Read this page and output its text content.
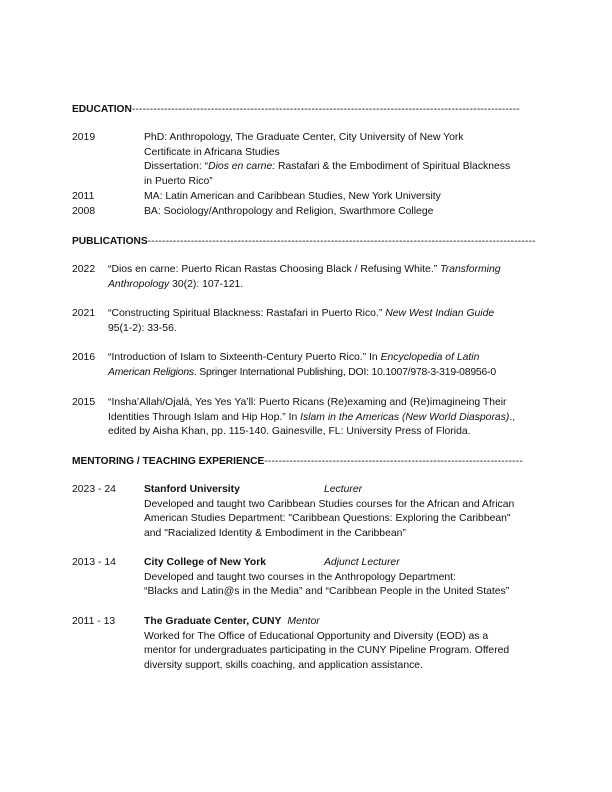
EDUCATION------------------------------------------------------------------------------------------------------------
2019	PhD: Anthropology, The Graduate Center, City University of New York
Certificate in Africana Studies
Dissertation: “Dios en carne: Rastafari & the Embodiment of Spiritual Blackness
in Puerto Rico”
2011	MA: Latin American and Caribbean Studies, New York University
2008	BA: Sociology/Anthropology and Religion, Swarthmore College
PUBLICATIONS------------------------------------------------------------------------------------------------------------
2022 “Dios en carne: Puerto Rican Rastas Choosing Black / Refusing White.” Transforming
Anthropology 30(2): 107-121.
2021 “Constructing Spiritual Blackness: Rastafari in Puerto Rico.” New West Indian Guide
95(1-2): 33-56.
2016 “Introduction of Islam to Sixteenth-Century Puerto Rico.” In Encyclopedia of Latin
American Religions. Springer International Publishing, DOI: 10.1007/978-3-319-08956-0
2015 “Insha’Allah/Ojalá, Yes Yes Ya’ll: Puerto Ricans (Re)examing and (Re)imagineing Their
Identities Through Islam and Hip Hop.” In Islam in the Americas (New World Diasporas).,
edited by Aisha Khan, pp. 115-140. Gainesville, FL: University Press of Florida.
MENTORING / TEACHING EXPERIENCE------------------------------------------------------------------------
2023 - 24	Stanford University	Lecturer
Developed and taught two Caribbean Studies courses for the African and African
American Studies Department: "Caribbean Questions: Exploring the Caribbean"
and "Racialized Identity & Embodiment in the Caribbean”
2013 - 14	City College of New York	Adjunct Lecturer
Developed and taught two courses in the Anthropology Department:
“Blacks and Latin@s in the Media” and “Caribbean People in the United States”
2011 - 13	The Graduate Center, CUNY Mentor
Worked for The Office of Educational Opportunity and Diversity (EOD) as a
mentor for undergraduates participating in the CUNY Pipeline Program. Offered
diversity support, skills coaching, and application assistance.
